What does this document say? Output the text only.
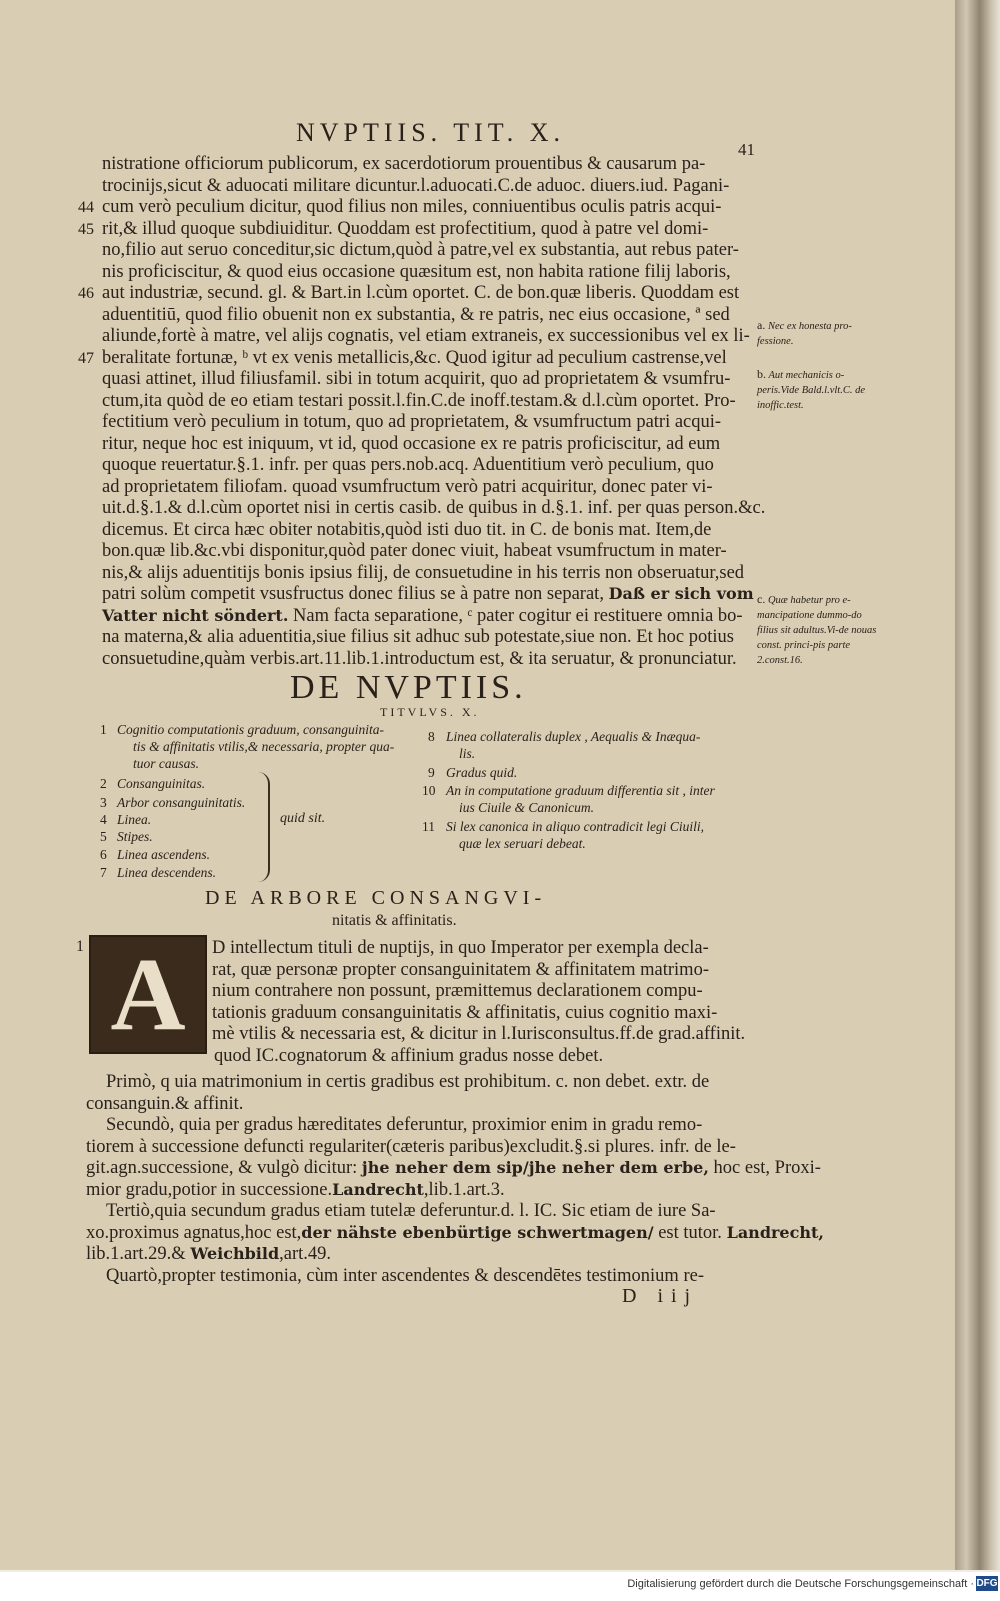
NVPTIIS. TIT. X.
41
nistratione officiorum publicorum, ex sacerdotiorum prouentibus & causarum pa-
trocinijs,sicut & aduocati militare dicuntur.l.aduocati.C.de aduoc. diuers.iud. Pagani-
44 cum verò peculium dicitur, quod filius non miles, conniuentibus oculis patris acqui-
45 rit,& illud quoque subdiuiditur. Quoddam est profectitium, quod à patre vel domi-
no,filio aut seruo conceditur,sic dictum,quòd à patre,vel ex substantia, aut rebus pater-
nis proficiscitur, & quod eius occasione quæsitum est, non habita ratione filij laboris,
46 aut industriæ, secund. gl. & Bart.in l.cùm oportet. C. de bon.quæ liberis. Quoddam est
aduentitiū, quod filio obuenit non ex substantia, & re patris, nec eius occasione, ª sed
aliunde,fortè à matre, vel alijs cognatis, vel etiam extraneis, ex successionibus vel ex li-
47 beralitate fortunæ, ᵇ vt ex venis metallicis,&c. Quod igitur ad peculium castrense,vel
quasi attinet, illud filiusfamil. sibi in totum acquirit, quo ad proprietatem & vsumfru-
ctum,ita quòd de eo etiam testari possit.l.fin.C.de inoff.testam.& d.l.cùm oportet. Pro-
fectitium verò peculium in totum, quo ad proprietatem, & vsumfructum patri acqui-
ritur, neque hoc est iniquum, vt id, quod occasione ex re patris proficiscitur, ad eum
quoque reuertatur.§.1. infr. per quas pers.nob.acq. Aduentitium verò peculium, quo
ad proprietatem filiofam. quoad vsumfructum verò patri acquiritur, donec pater vi-
uit.d.§.1.& d.l.cùm oportet nisi in certis casib. de quibus in d.§.1. inf. per quas person.&c.
dicemus. Et circa hæc obiter notabitis,quòd isti duo tit. in C. de bonis mat. Item,de
bon.quæ lib.&c.vbi disponitur,quòd pater donec viuit, habeat vsumfructum in mater-
nis,& alijs aduentitijs bonis ipsius filij, de consuetudine in his terris non obseruatur,sed
patri solùm competit vsusfructus donec filius se à patre non separat, Daß er sich vom
Vatter nicht söndert. Nam facta separatione, ᶜ pater cogitur ei restituere omnia bo-
na materna,& alia aduentitia,siue filius sit adhuc sub potestate,siue non. Et hoc potius
consuetudine,quàm verbis.art.11.lib.1.introductum est, & ita seruatur, & pronunciatur.
a. Nec ex honesta pro-fessione.
b. Aut mechanicis o-peris.Vide Bald.l.vlt.C. de inoffic.test.
c. Quæ habetur pro e-mancipatione dummo-do filius sit adultus.Vi-de nouas const. princi-pis parte 2.const.16.
DE NVPTIIS.
TITVLVS. X.
1 Cognitio computationis graduum, consanguinita-
tis & affinitatis vtilis,& necessaria, propter qua-
tuor causas.
2 Consanguinitas.
3 Arbor consanguinitatis.
4 Linea.
5 Stipes.
6 Linea ascendens.
7 Linea descendens.
quid sit.
8 Linea collateralis duplex , Aequalis & Inæqua-
lis.
9 Gradus quid.
10 An in computatione graduum differentia sit , inter
ius Ciuile & Canonicum.
11 Si lex canonica in aliquo contradicit legi Ciuili,
quæ lex seruari debeat.
DE ARBORE CONSANGVI-
nitatis & affinitatis.
1 A	D intellectum tituli de nuptijs, in quo Imperator per exempla decla-
rat, quæ personæ propter consanguinitatem & affinitatem matrimo-
nium contrahere non possunt, præmittemus declarationem compu-
tationis graduum consanguinitatis & affinitatis, cuius cognitio maxi-
mè vtilis & necessaria est, & dicitur in l.Iurisconsultus.ff.de grad.affinit.
quod IC.cognatorum & affinium gradus nosse debet.
Primò, q uia matrimonium in certis gradibus est prohibitum. c. non debet. extr. de
consanguin.& affinit.
Secundò, quia per gradus hæreditates deferuntur, proximior enim in gradu remo-
tiorem à successione defuncti regulariter(cæteris paribus)excludit.§.si plures. infr. de le-
git.agn.successione, & vulgò dicitur: jhe neher dem sip/jhe neher dem erbe, hoc est, Proxi-
mior gradu,potior in successione.Landrecht,lib.1.art.3.
Tertiò,quia secundum gradus etiam tutelæ deferuntur.d. l. IC. Sic etiam de iure Sa-
xo.proximus agnatus,hoc est,der nähste ebenbürtige schwertmagen/ est tutor. Landrecht,
lib.1.art.29.& Weichbild,art.49.
Quartò,propter testimonia, cùm inter ascendentes & descendētes testimonium re-
D iij
Digitalisierung gefördert durch die Deutsche Forschungsgemeinschaft · DFG
